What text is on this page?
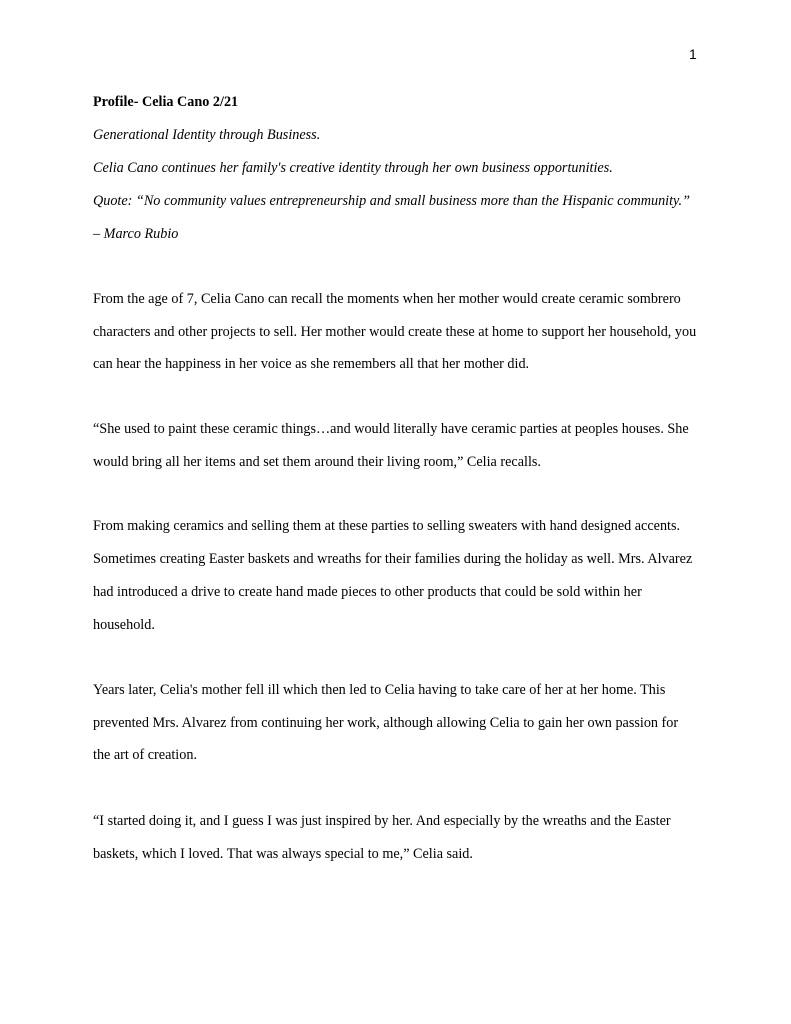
1
Profile- Celia Cano 2/21
Generational Identity through Business.
Celia Cano continues her family's creative identity through her own business opportunities.
Quote: “No community values entrepreneurship and small business more than the Hispanic community.”
– Marco Rubio
From the age of 7, Celia Cano can recall the moments when her mother would create ceramic sombrero
characters and other projects to sell. Her mother would create these at home to support her household, you
can hear the happiness in her voice as she remembers all that her mother did.
“She used to paint these ceramic things…and would literally have ceramic parties at peoples houses. She
would bring all her items and set them around their living room,” Celia recalls.
From making ceramics and selling them at these parties to selling sweaters with hand designed accents.
Sometimes creating Easter baskets and wreaths for their families during the holiday as well. Mrs. Alvarez
had introduced a drive to create hand made pieces to other products that could be sold within her
household.
Years later, Celia's mother fell ill which then led to Celia having to take care of her at her home. This
prevented Mrs. Alvarez from continuing her work, although allowing Celia to gain her own passion for
the art of creation.
“I started doing it, and I guess I was just inspired by her. And especially by the wreaths and the Easter
baskets, which I loved. That was always special to me,” Celia said.
